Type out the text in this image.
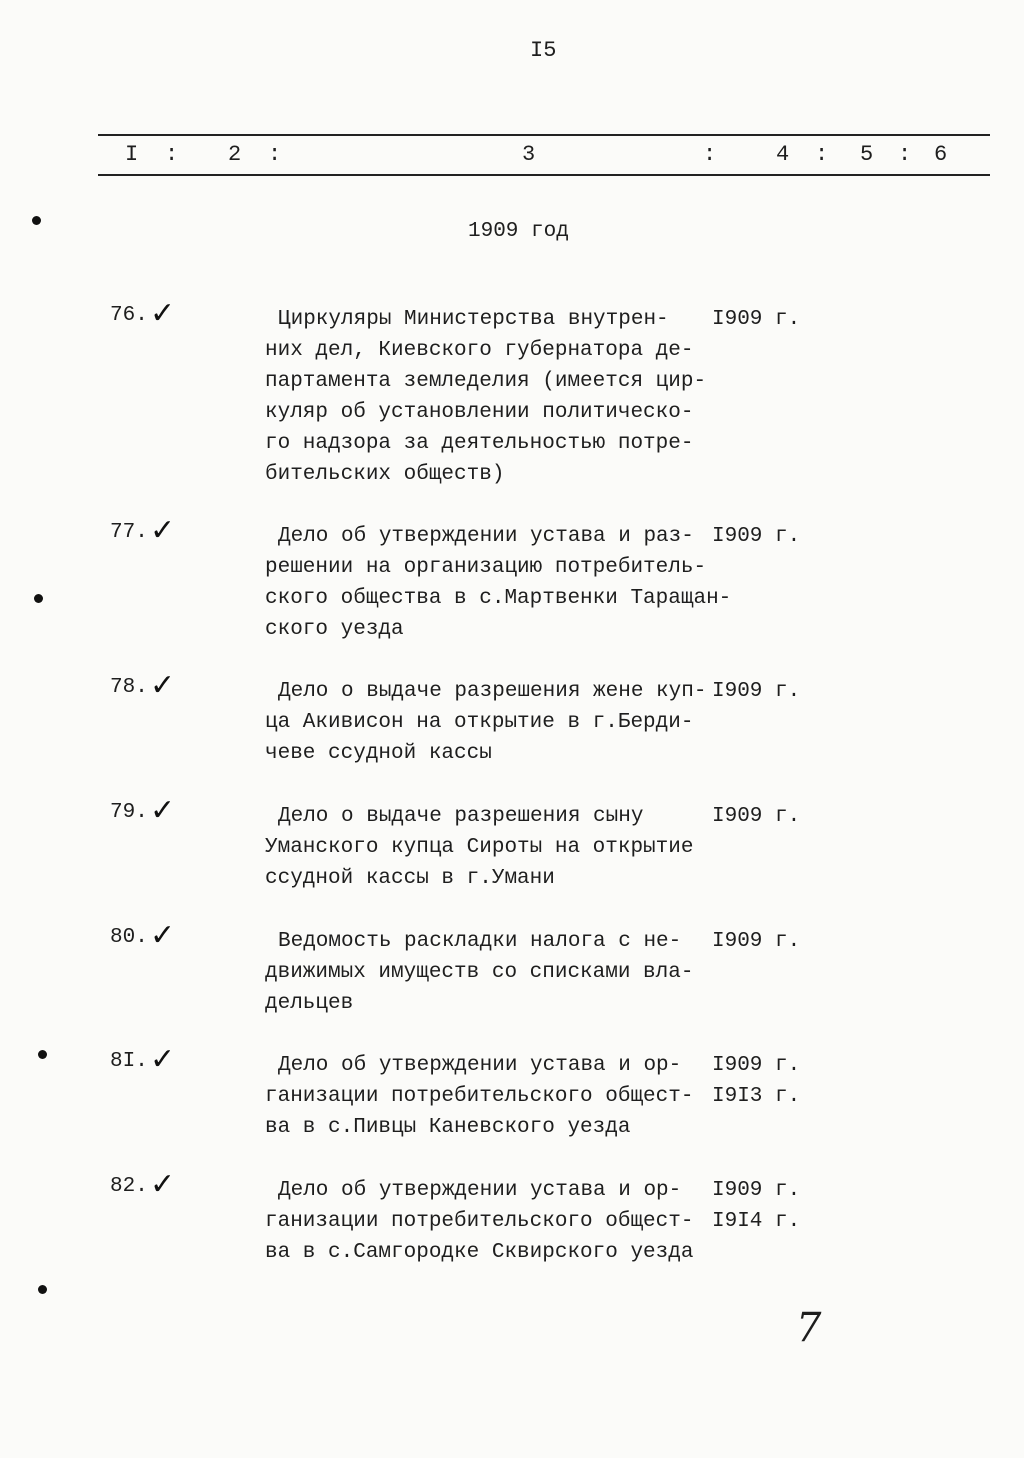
I5
I : 2 :	3	:	4 : 5 : 6
1909 год
76. ✓	Циркуляры Министерства внутрен-
них дел, Киевского губернатора де-
партамента земледелия (имеется цир-
куляр об установлении политическо-
го надзора за деятельностью потре-
бительских обществ)
I909 г.
77. ✓	Дело об утверждении устава и раз-
решении на организацию потребитель-
ского общества в с.Мартвенки Таращан-
ского уезда
I909 г.
78. ✓	Дело о выдаче разрешения жене куп-
ца Акивисон на открытие в г.Берди-
чеве ссудной кассы
I909 г.
79. ✓	Дело о выдаче разрешения сыну
Уманского купца Сироты на открытие
ссудной кассы в г.Умани
I909 г.
80. ✓	Ведомость раскладки налога с не-
движимых имуществ со списками вла-
дельцев
I909 г.
8I. ✓	Дело об утверждении устава и ор-
ганизации потребительского общест-
ва в с.Пивцы Каневского уезда
I909 г.
I9I3 г.
82. ✓	Дело об утверждении устава и ор-
ганизации потребительского общест-
ва в с.Самгородке Сквирского уезда
I909 г.
I9I4 г.
7
